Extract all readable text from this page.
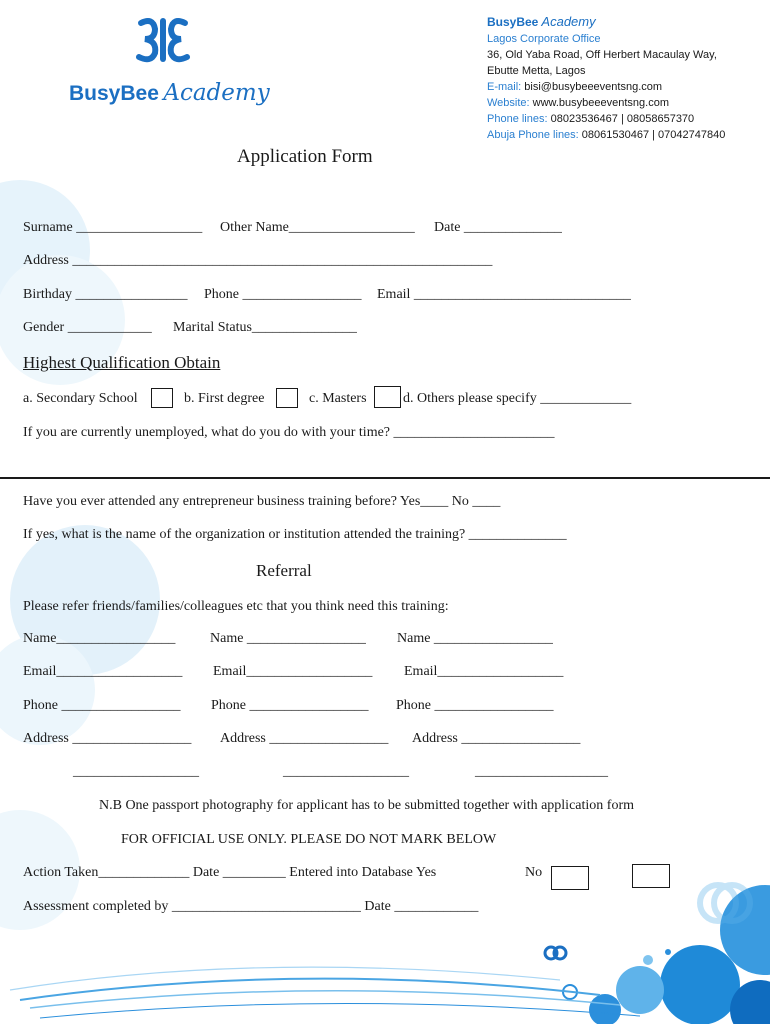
BusyBee Academy
BusyBee Academy
Lagos Corporate Office
36, Old Yaba Road, Off Herbert Macaulay Way,
Ebutte Metta, Lagos
E-mail: bisi@busybeeeventsng.com
Website: www.busybeeeventsng.com
Phone lines: 08023536467 | 08058657370
Abuja Phone lines: 08061530467 | 07042747840
Application Form
Surname __________________ Other Name__________________ Date ______________
Address ____________________________________________________________
Birthday ________________ Phone _________________ Email _______________________________
Gender ____________ Marital Status_______________
Highest Qualification Obtain
a. Secondary School	b. First degree	c. Masters	d. Others please specify _____________
If you are currently unemployed, what do you do with your time? _______________________
Have you ever attended any entrepreneur business training before? Yes____ No ____
If yes, what is the name of the organization or institution attended the training? ______________
Referral
Please refer friends/families/colleagues etc that you think need this training:
Name_________________ Name _________________ Name _________________
Email__________________ Email__________________ Email__________________
Phone _________________ Phone _________________ Phone _________________
Address _________________ Address _________________ Address _________________
__________________	__________________	___________________
N.B One passport photography for applicant has to be submitted together with application form
FOR OFFICIAL USE ONLY. PLEASE DO NOT MARK BELOW
Action Taken_____________ Date _________ Entered into Database Yes	No
Assessment completed by ___________________________ Date ____________
